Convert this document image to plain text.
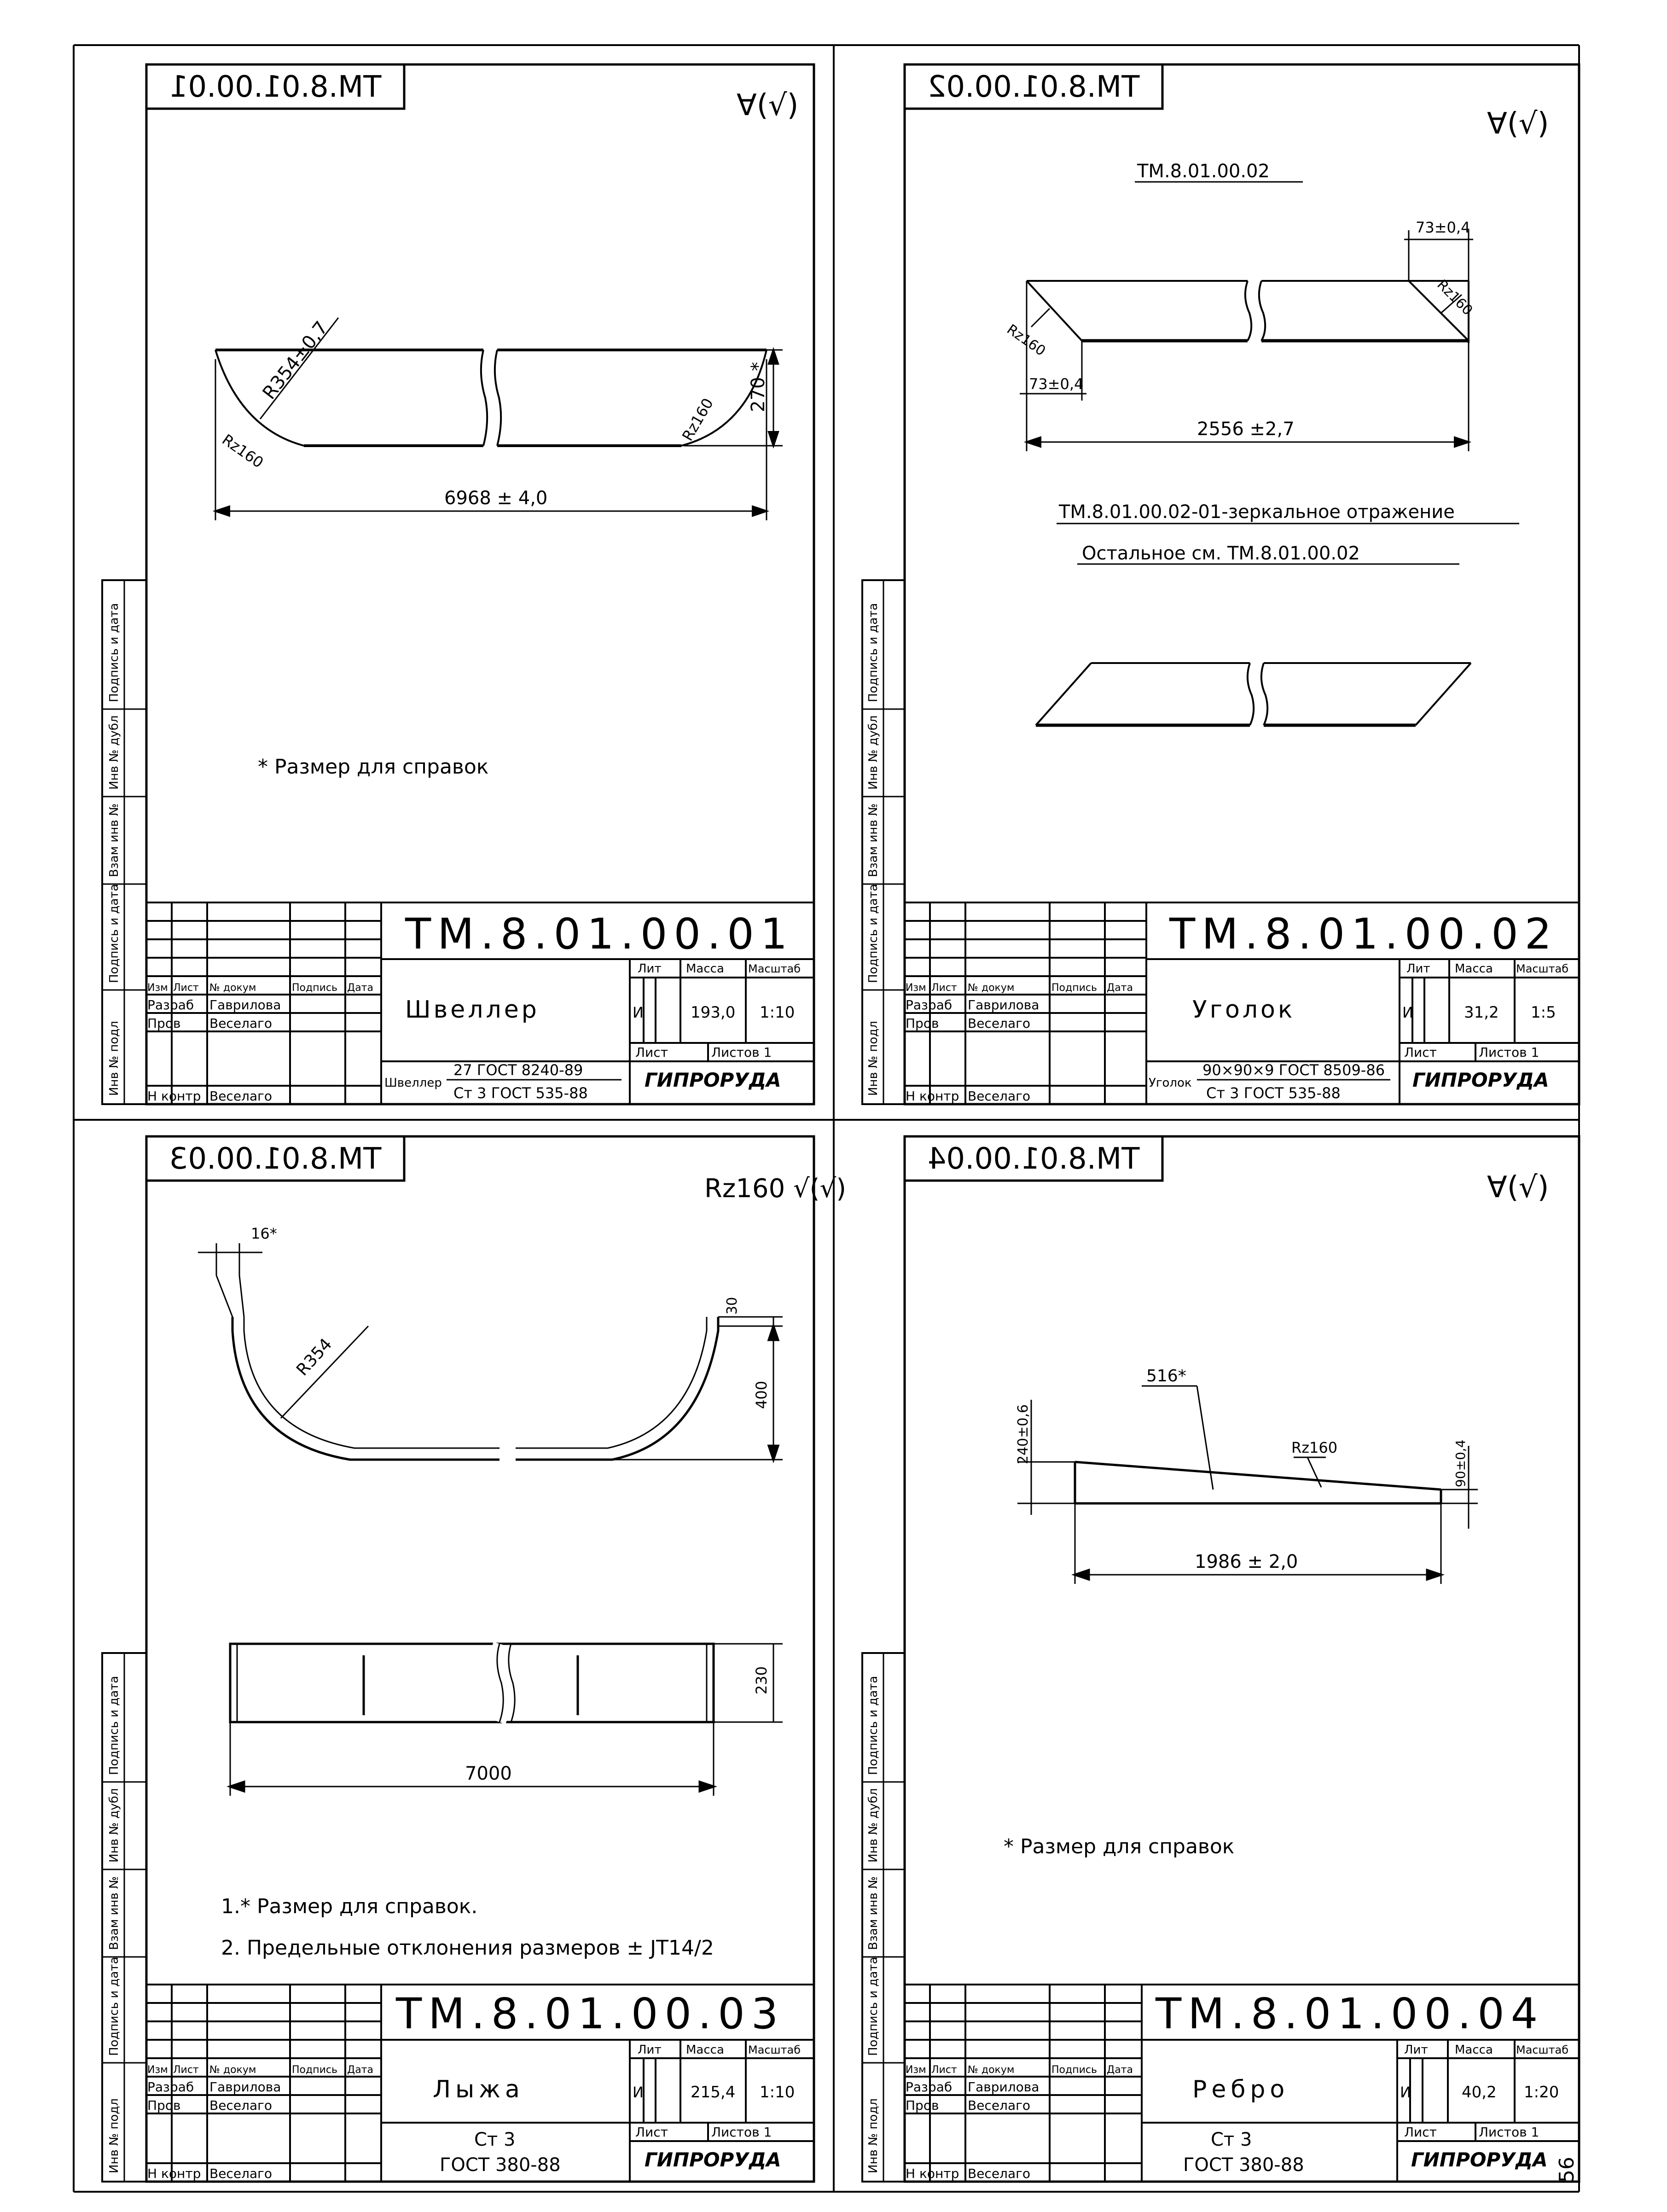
Инв № подл
Подпись и дата
Взам инв №
Инв № дубл
Подпись и дата
ТМ.8.01.00.01
∀(√)
R354±0,7
Rz160
Rz160
270 *
6968 ± 4,0
* Размер для справок
Изм Лист № докум	Подпись Дата
Разраб Гаврилова
Пров Веселаго
Н контр Веселаго
ТМ.8.01.00.01
Швеллер
Лит Масса Масштаб
И	193,0 1:10
Лист	Листов 1
ГИПРОРУДА
Швеллер
27 ГОСТ 8240-89
Ст 3 ГОСТ 535-88	Инв № подл
Подпись и дата
Взам инв №
Инв № дубл
Подпись и дата
ТМ.8.01.00.02
∀(√)
ТМ.8.01.00.02
73±0,4
73±0,4
Rz160
Rz160
2556 ±2,7
ТМ.8.01.00.02-01-зеркальное отражение
Остальное см. ТМ.8.01.00.02
Изм Лист № докум	Подпись Дата
Разраб Гаврилова
Пров Веселаго
Н контр Веселаго
ТМ.8.01.00.02
Уголок
Лит Масса Масштаб
И	31,2 1:5
Лист	Листов 1
ГИПРОРУДА
Уголок
90×90×9 ГОСТ 8509-86
Ст 3 ГОСТ 535-88
Инв № подл
Подпись и дата
Взам инв №
Инв № дубл
Подпись и дата
ТМ.8.01.00.03
Rz160 √(√)
16*
R354
30
400
230
7000
1.* Размер для справок.
2. Предельные отклонения размеров ± JT14/2
Изм Лист № докум	Подпись Дата
Разраб Гаврилова
Пров Веселаго
Н контр Веселаго
ТМ.8.01.00.03
Лыжа
Лит Масса Масштаб
И	215,4 1:10
Лист	Листов 1
ГИПРОРУДА
Ст 3
ГОСТ 380-88	Инв № подл
Подпись и дата
Взам инв №
Инв № дубл
Подпись и дата
ТМ.8.01.00.04
∀(√)
240±0,6	90±0,4
516*
Rz160
1986 ± 2,0
* Размер для справок
Изм Лист № докум	Подпись Дата
Разраб Гаврилова
Пров Веселаго
Н контр Веселаго
ТМ.8.01.00.04
Ребро
Лит Масса Масштаб
И	40,2 1:20
Лист	Листов 1
ГИПРОРУДА
Ст 3
ГОСТ 380-88	56
